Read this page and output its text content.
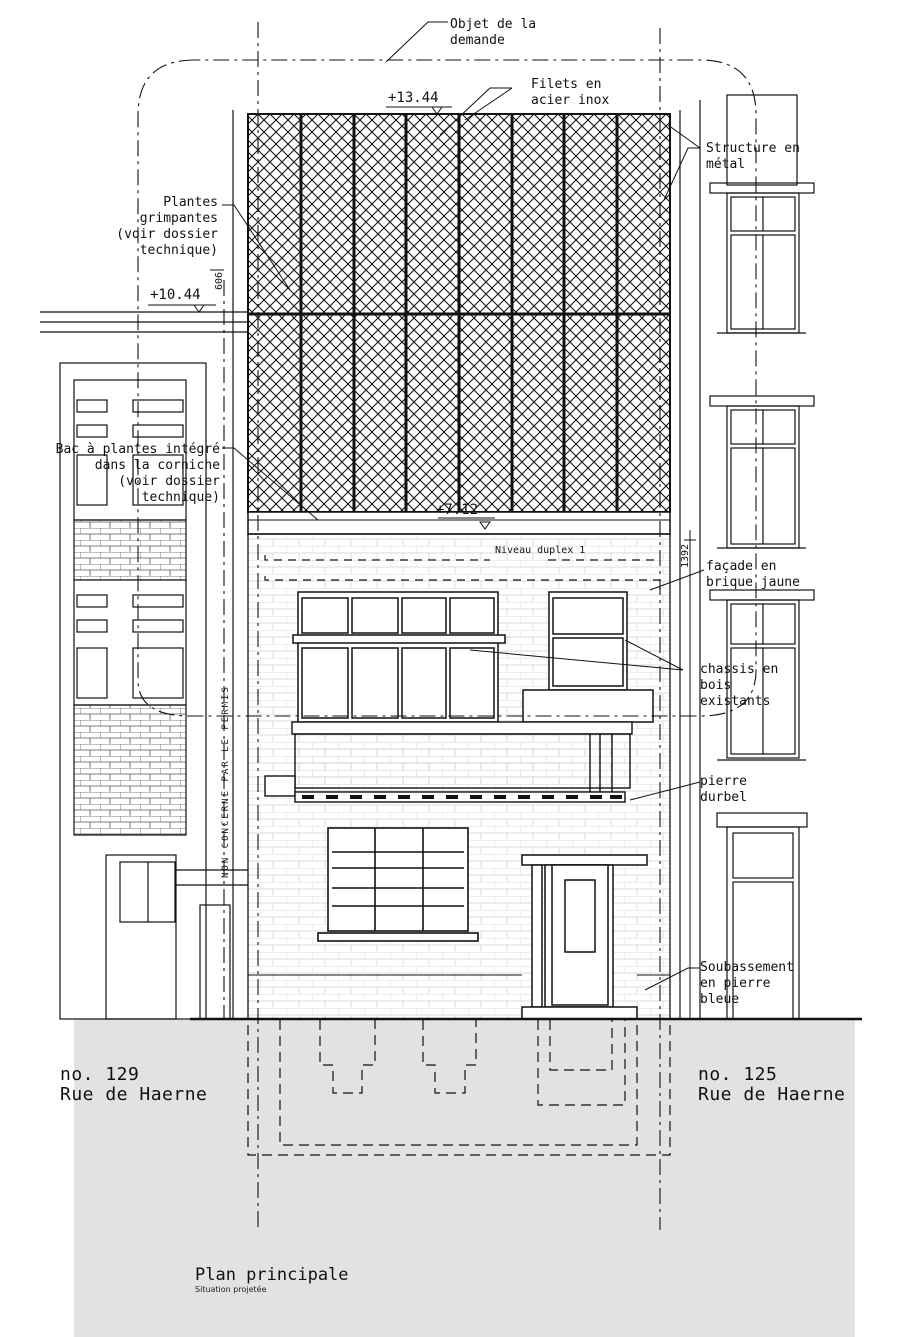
Objet de la
demande
Filets en
acier inox
Structure en
métal
Plantes
grimpantes
(voir dossier
technique)
Bac à plantes intégré
dans la corniche
(voir dossier
technique)
façade en
brique jaune
chassis en
bois
existants
pierre
durbel
Soubassement
en pierre
bleue
+13.44
+10.44
+7.12
606
1392
Niveau duplex 1
NON CONCERNE PAR LE PERMIS
no. 129
Rue de Haerne
no. 125
Rue de Haerne
Plan principale
Situation projetée
